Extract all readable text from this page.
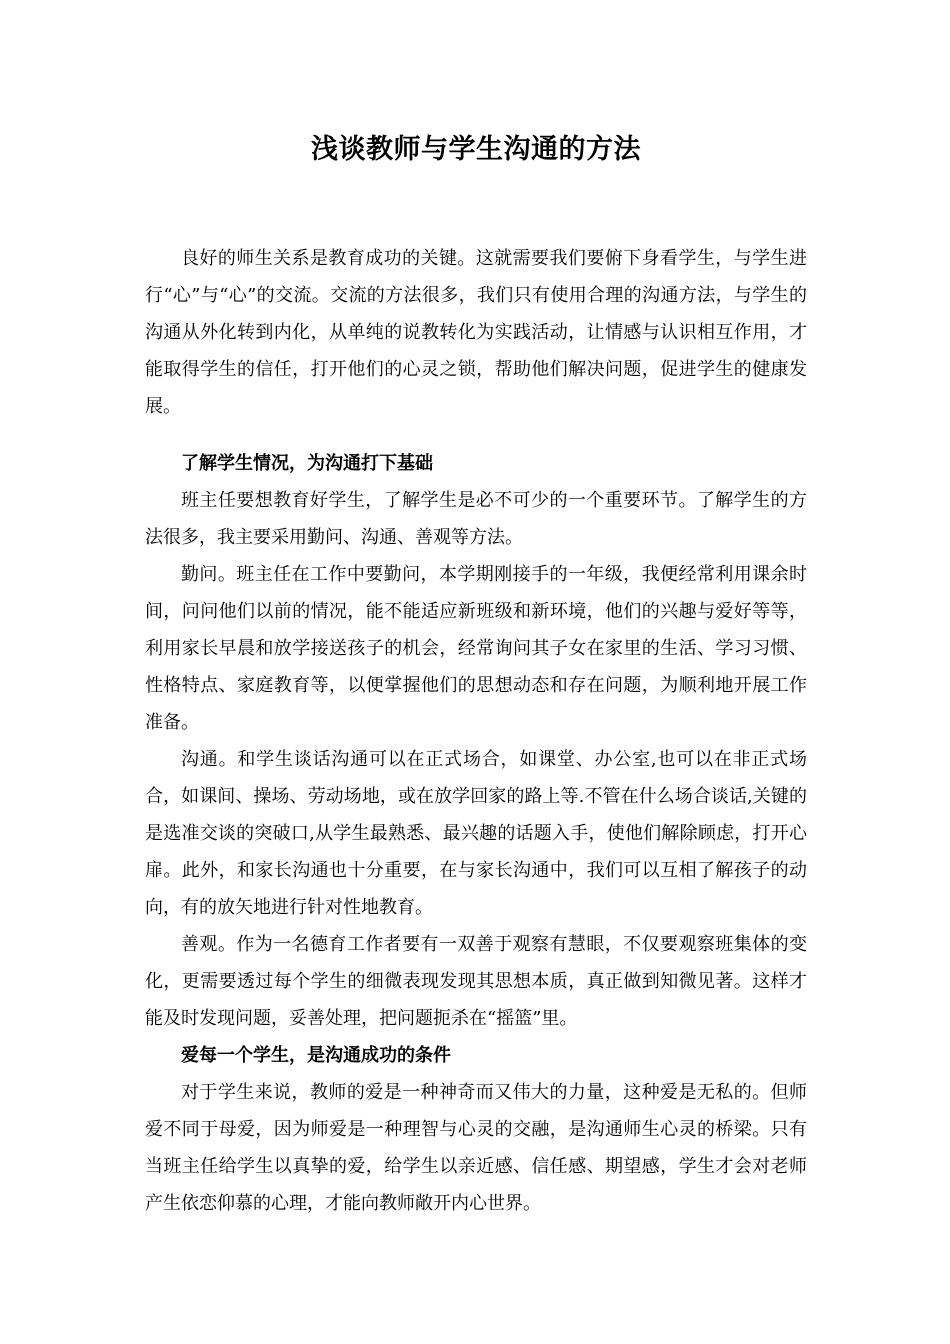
浅谈教师与学生沟通的方法

良好的师生关系是教育成功的关键。这就需要我们要俯下身看学生，与学生进行“心”与“心”的交流。交流的方法很多，我们只有使用合理的沟通方法，与学生的沟通从外化转到内化，从单纯的说教转化为实践活动，让情感与认识相互作用，才能取得学生的信任，打开他们的心灵之锁，帮助他们解决问题，促进学生的健康发展。

了解学生情况，为沟通打下基础

班主任要想教育好学生，了解学生是必不可少的一个重要环节。了解学生的方法很多，我主要采用勤问、沟通、善观等方法。

勤问。班主任在工作中要勤问，本学期刚接手的一年级，我便经常利用课余时间，问问他们以前的情况，能不能适应新班级和新环境，他们的兴趣与爱好等等，利用家长早晨和放学接送孩子的机会，经常询问其子女在家里的生活、学习习惯、性格特点、家庭教育等，以便掌握他们的思想动态和存在问题，为顺利地开展工作准备。

沟通。和学生谈话沟通可以在正式场合，如课堂、办公室,也可以在非正式场合，如课间、操场、劳动场地，或在放学回家的路上等.不管在什么场合谈话,关键的是选准交谈的突破口,从学生最熟悉、最兴趣的话题入手，使他们解除顾虑，打开心扉。此外，和家长沟通也十分重要，在与家长沟通中，我们可以互相了解孩子的动向，有的放矢地进行针对性地教育。

善观。作为一名德育工作者要有一双善于观察有慧眼，不仅要观察班集体的变化，更需要透过每个学生的细微表现发现其思想本质，真正做到知微见著。这样才能及时发现问题，妥善处理，把问题扼杀在“摇篮”里。

爱每一个学生，是沟通成功的条件

对于学生来说，教师的爱是一种神奇而又伟大的力量，这种爱是无私的。但师爱不同于母爱，因为师爱是一种理智与心灵的交融，是沟通师生心灵的桥梁。只有当班主任给学生以真挚的爱，给学生以亲近感、信任感、期望感，学生才会对老师产生依恋仰慕的心理，才能向教师敞开内心世界。
